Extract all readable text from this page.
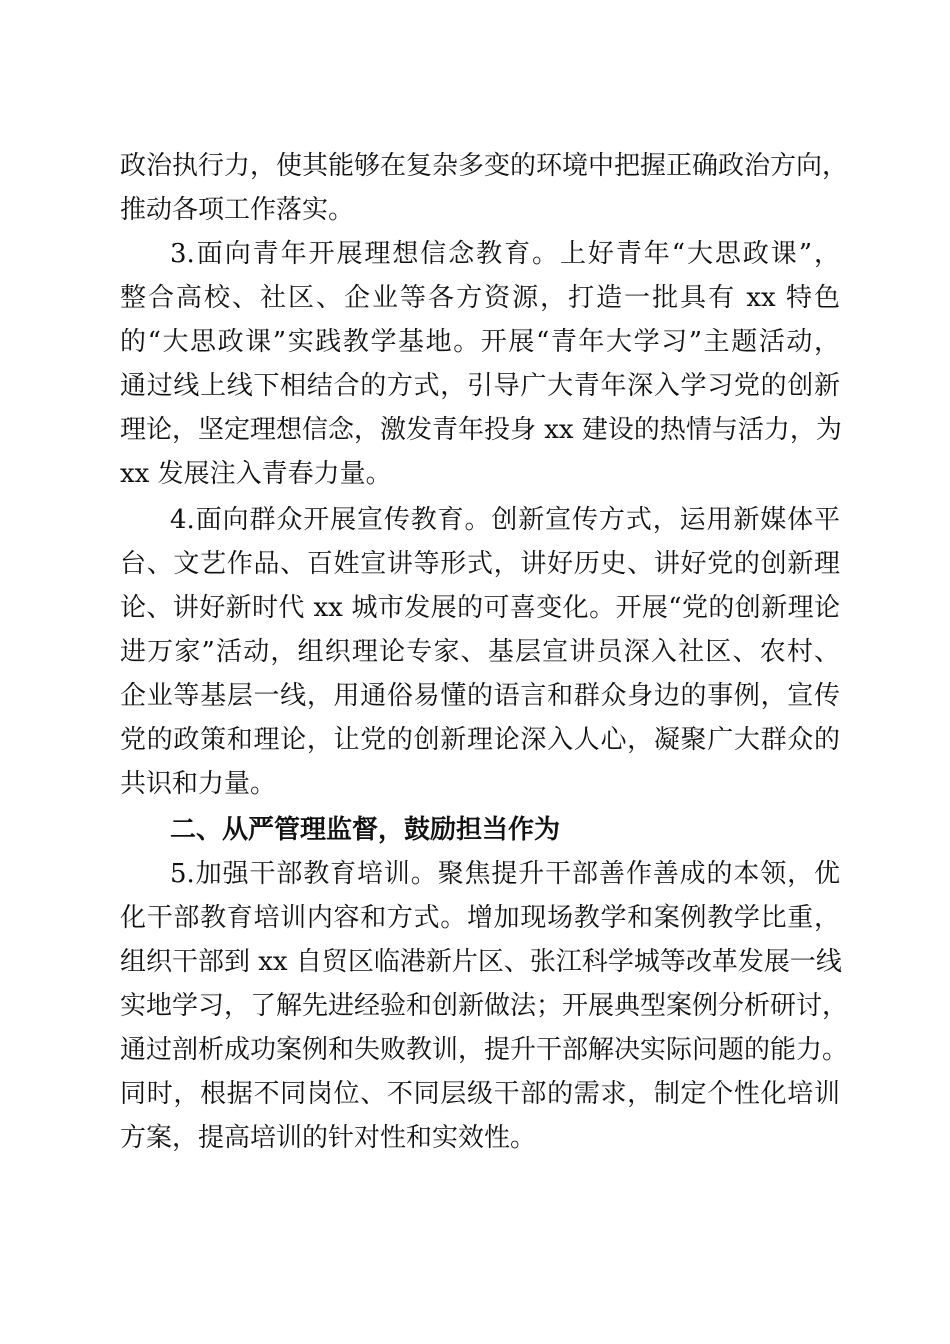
政治执行力，使其能够在复杂多变的环境中把握正确政治方向，
推动各项工作落实。
3.面向青年开展理想信念教育。上好青年“大思政课”，
整合高校、社区、企业等各方资源，打造一批具有 xx 特色
的“大思政课”实践教学基地。开展“青年大学习”主题活动，
通过线上线下相结合的方式，引导广大青年深入学习党的创新
理论，坚定理想信念，激发青年投身 xx 建设的热情与活力，为
xx 发展注入青春力量。
4.面向群众开展宣传教育。创新宣传方式，运用新媒体平
台、文艺作品、百姓宣讲等形式，讲好历史、讲好党的创新理
论、讲好新时代 xx 城市发展的可喜变化。开展“党的创新理论
进万家”活动，组织理论专家、基层宣讲员深入社区、农村、
企业等基层一线，用通俗易懂的语言和群众身边的事例，宣传
党的政策和理论，让党的创新理论深入人心，凝聚广大群众的
共识和力量。
二、从严管理监督，鼓励担当作为
5.加强干部教育培训。聚焦提升干部善作善成的本领，优
化干部教育培训内容和方式。增加现场教学和案例教学比重，
组织干部到 xx 自贸区临港新片区、张江科学城等改革发展一线
实地学习，了解先进经验和创新做法；开展典型案例分析研讨，
通过剖析成功案例和失败教训，提升干部解决实际问题的能力。
同时，根据不同岗位、不同层级干部的需求，制定个性化培训
方案，提高培训的针对性和实效性。
